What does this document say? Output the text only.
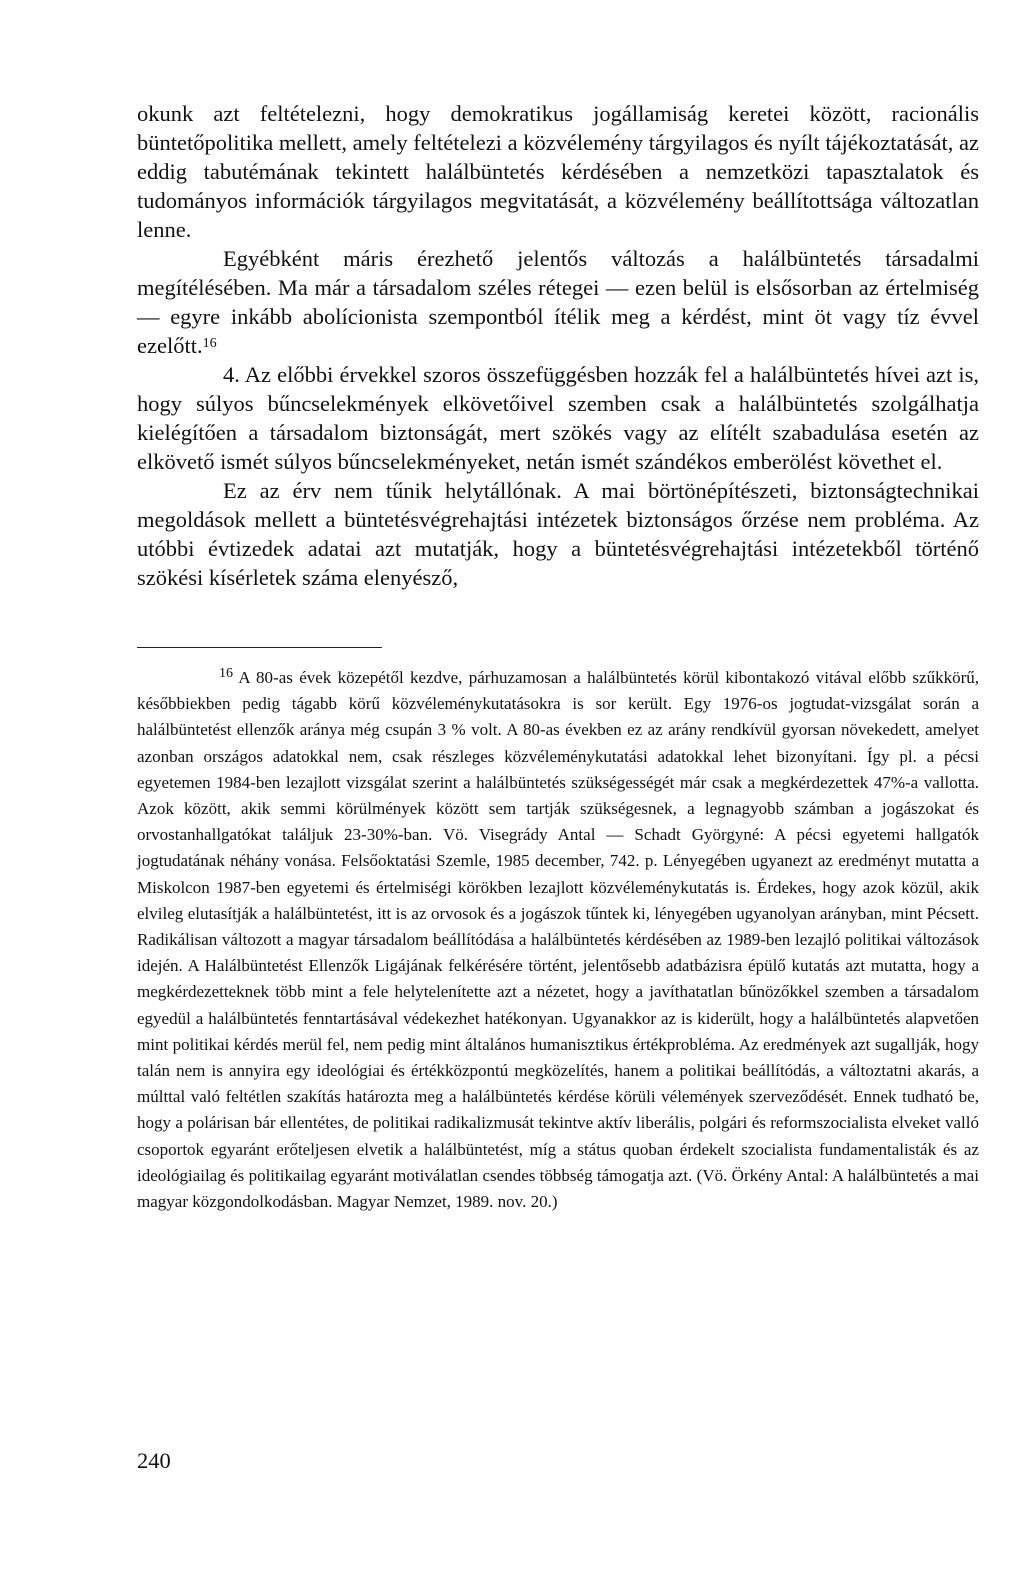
okunk azt feltételezni, hogy demokratikus jogállamiság keretei között, racionális büntetőpolitika mellett, amely feltételezi a közvélemény tárgyilagos és nyílt tájékoztatását, az eddig tabutémának tekintett halálbüntetés kérdésében a nemzetközi tapasztalatok és tudományos információk tárgyilagos megvitatását, a közvélemény beállítottsága változatlan lenne.

Egyébként máris érezhető jelentős változás a halálbüntetés társadalmi megítélésében. Ma már a társadalom széles rétegei — ezen belül is elsősorban az értelmiség — egyre inkább abolícionista szempontból ítélik meg a kérdést, mint öt vagy tíz évvel ezelőtt.$^{16}$

4. Az előbbi érvekkel szoros összefüggésben hozzák fel a halálbüntetés hívei azt is, hogy súlyos bűncselekmények elkövetőivel szemben csak a halálbüntetés szolgálhatja kielégítően a társadalom biztonságát, mert szökés vagy az elítélt szabadulása esetén az elkövető ismét súlyos bűncselekményeket, netán ismét szándékos emberölést követhet el.

Ez az érv nem tűnik helytállónak. A mai börtönépítészeti, biztonságtechnikai megoldások mellett a büntetésvégrehajtási intézetek biztonságos őrzése nem probléma. Az utóbbi évtizedek adatai azt mutatják, hogy a büntetésvégrehajtási intézetekből történő szökési kísérletek száma elenyésző,

$^{16}$ A 80-as évek közepétől kezdve, párhuzamosan a halálbüntetés körül kibontakozó vitával előbb szűkkörű, későbbiekben pedig tágabb körű közvéleménykutatásokra is sor került. Egy 1976-os jogtudat-vizsgálat során a halálbüntetést ellenzők aránya még csupán 3 % volt. A 80-as években ez az arány rendkívül gyorsan növekedett, amelyet azonban országos adatokkal nem, csak részleges közvéleménykutatási adatokkal lehet bizonyítani. Így pl. a pécsi egyetemen 1984-ben lezajlott vizsgálat szerint a halálbüntetés szükségességét már csak a megkérdezettek 47%-a vallotta. Azok között, akik semmi körülmények között sem tartják szükségesnek, a legnagyobb számban a jogászokat és orvostanhallgatókat találjuk 23-30%-ban. Vö. Visegrády Antal — Schadt Györgyné: A pécsi egyetemi hallgatók jogtudatának néhány vonása. Felsőoktatási Szemle, 1985 december, 742. p. Lényegében ugyanezt az eredményt mutatta a Miskolcon 1987-ben egyetemi és értelmiségi körökben lezajlott közvéleménykutatás is. Érdekes, hogy azok közül, akik elvileg elutasítják a halálbüntetést, itt is az orvosok és a jogászok tűntek ki, lényegében ugyanolyan arányban, mint Pécsett. Radikálisan változott a magyar társadalom beállítódása a halálbüntetés kérdésében az 1989-ben lezajló politikai változások idején. A Halálbüntetést Ellenzők Ligájának felkérésére történt, jelentősebb adatbázisra épülő kutatás azt mutatta, hogy a megkérdezetteknek több mint a fele helytelenítette azt a nézetet, hogy a javíthatatlan bűnözőkkel szemben a társadalom egyedül a halálbüntetés fenntartásával védekezhet hatékonyan. Ugyanakkor az is kiderült, hogy a halálbüntetés alapvetően mint politikai kérdés merül fel, nem pedig mint általános humanisztikus értékprobléma. Az eredmények azt sugallják, hogy talán nem is annyira egy ideológiai és értékközpontú megközelítés, hanem a politikai beállítódás, a változtatni akarás, a múlttal való feltétlen szakítás határozta meg a halálbüntetés kérdése körüli vélemények szerveződését. Ennek tudható be, hogy a polárisan bár ellentétes, de politikai radikalizmusát tekintve aktív liberális, polgári és reformszocialista elveket valló csoportok egyaránt erőteljesen elvetik a halálbüntetést, míg a státus quoban érdekelt szocialista fundamentalisták és az ideológiailag és politikailag egyaránt motiválatlan csendes többség támogatja azt. (Vö. Örkény Antal: A halálbüntetés a mai magyar közgondolkodásban. Magyar Nemzet, 1989. nov. 20.)

240
